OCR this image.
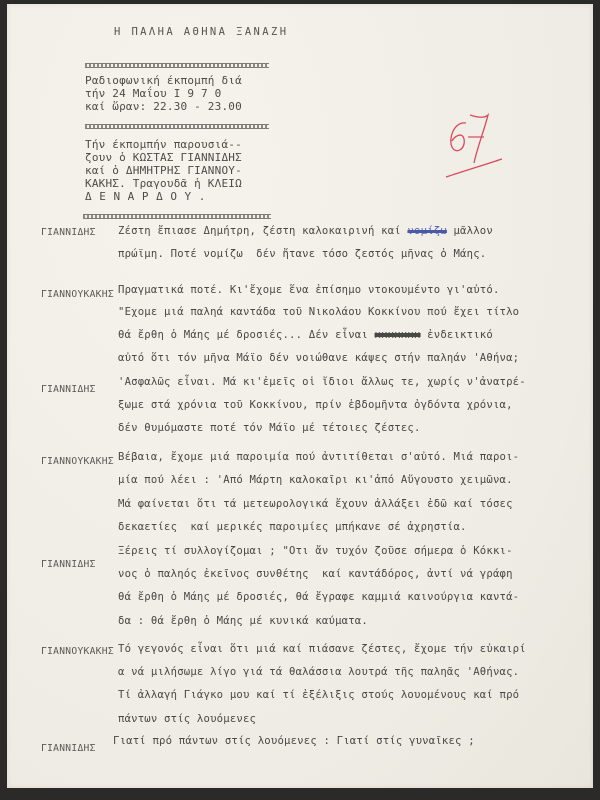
Η ΠΑΛΗΑ ΑΘΗΝΑ ΞΑΝΑΖΗ
Ραδιοφωνική έκπομπή διά
τήν 24 Μαΐου Ι 9 7 0
καί ὥραν: 22.30 - 23.00
Τήν έκπομπήν παρουσιά--
ζουν ὁ ΚΩΣΤΑΣ ΓΙΑΝΝΙΔΗΣ
καί ὁ ΔΗΜΗΤΡΗΣ ΓΙΑΝΝΟΥ-
ΚΑΚΗΣ. Τραγουδᾶ ἡ ΚΛΕΙΩ
ΔΕΝΑΡΔΟΥ.
ΓΙΑΝΝΙΔΗΣ Ζέστη ἔπιασε Δημήτρη, ζέστη καλοκαιρινή καί νομίζω μᾶλλον
πρώϊμη. Ποτέ νομίζω  δέν ἤτανε τόσο ζεστός μῆνας ὁ Μάης.
ΓΙΑΝΝΟΥΚΑΚΗΣ Πραγματικά ποτέ. Κι'ἔχομε ἕνα ἐπίσημο ντοκουμέντο γι'αὐτό.
"Εχομε μιά παληά καντάδα τοῦ Νικολάου Κοκκίνου πού ἔχει τίτλο
θά ἔρθη ὁ Μάης μέ δροσιές... Δέν εἶναι xxxxxxx ἐνδεικτικό
αὐτό ὅτι τόν μῆνα Μάϊο δέν νοιώθανε κάψες στήν παληάν 'Αθήνα;
ΓΙΑΝΝΙΔΗΣ
'Ασφαλῶς εἶναι. Μά κι'ἐμεῖς οἱ ἴδιοι ἄλλως τε, χωρίς ν'ἀνατρέ-
ξωμε στά χρόνια τοῦ Κοκκίνου, πρίν ἑβδομῆντα ὀγδόντα χρόνια,
δέν θυμόμαστε ποτέ τόν Μάϊο μέ τέτοιες ζέστες.
ΓΙΑΝΝΟΥΚΑΚΗΣ Βέβαια, ἔχομε μιά παροιμία πού ἀντιτίθεται σ'αὐτό. Μιά παροι-
μία πού λέει : 'Από Μάρτη καλοκαῖρι κι'ἀπό Αὔγουστο χειμῶνα.
Μά φαίνεται ὅτι τά μετεωρολογικά ἔχουν ἀλλάξει ἐδῶ καί τόσες
δεκαετίες  καί μερικές παροιμίες μπήκανε σέ ἀχρηστία.
ΓΙΑΝΝΙΔΗΣ
Ξέρεις τί συλλογίζομαι ; "Οτι ἄν τυχόν ζοῦσε σήμερα ὁ Κόκκι-
νος ὁ παληός ἐκεῖνος συνθέτης  καί καντάδόρος, ἀντί νά γράφη
θά ἔρθη ὁ Μάης μέ δροσιές, θά ἔγραφε καμμιά καινούργια καντά-
δα : θά ἔρθη ὁ Μάης μέ κυνικά καύματα.
ΓΙΑΝΝΟΥΚΑΚΗΣ Τό γεγονός εἶναι ὅτι μιά καί πιάσανε ζέστες, ἔχομε τήν εὐκαιρί
α νά μιλήσωμε λίγο γιά τά θαλάσσια λουτρά τῆς παληᾶς 'Αθήνας.
Τί ἀλλαγή Γιάγκο μου καί τί ἐξέλιξις στούς λουομένους καί πρό
πάντων στίς λουόμενες
ΓΙΑΝΝΙΔΗΣ
Γιατί πρό πάντων στίς λουόμενες : Γιατί στίς γυναῖκες ;
